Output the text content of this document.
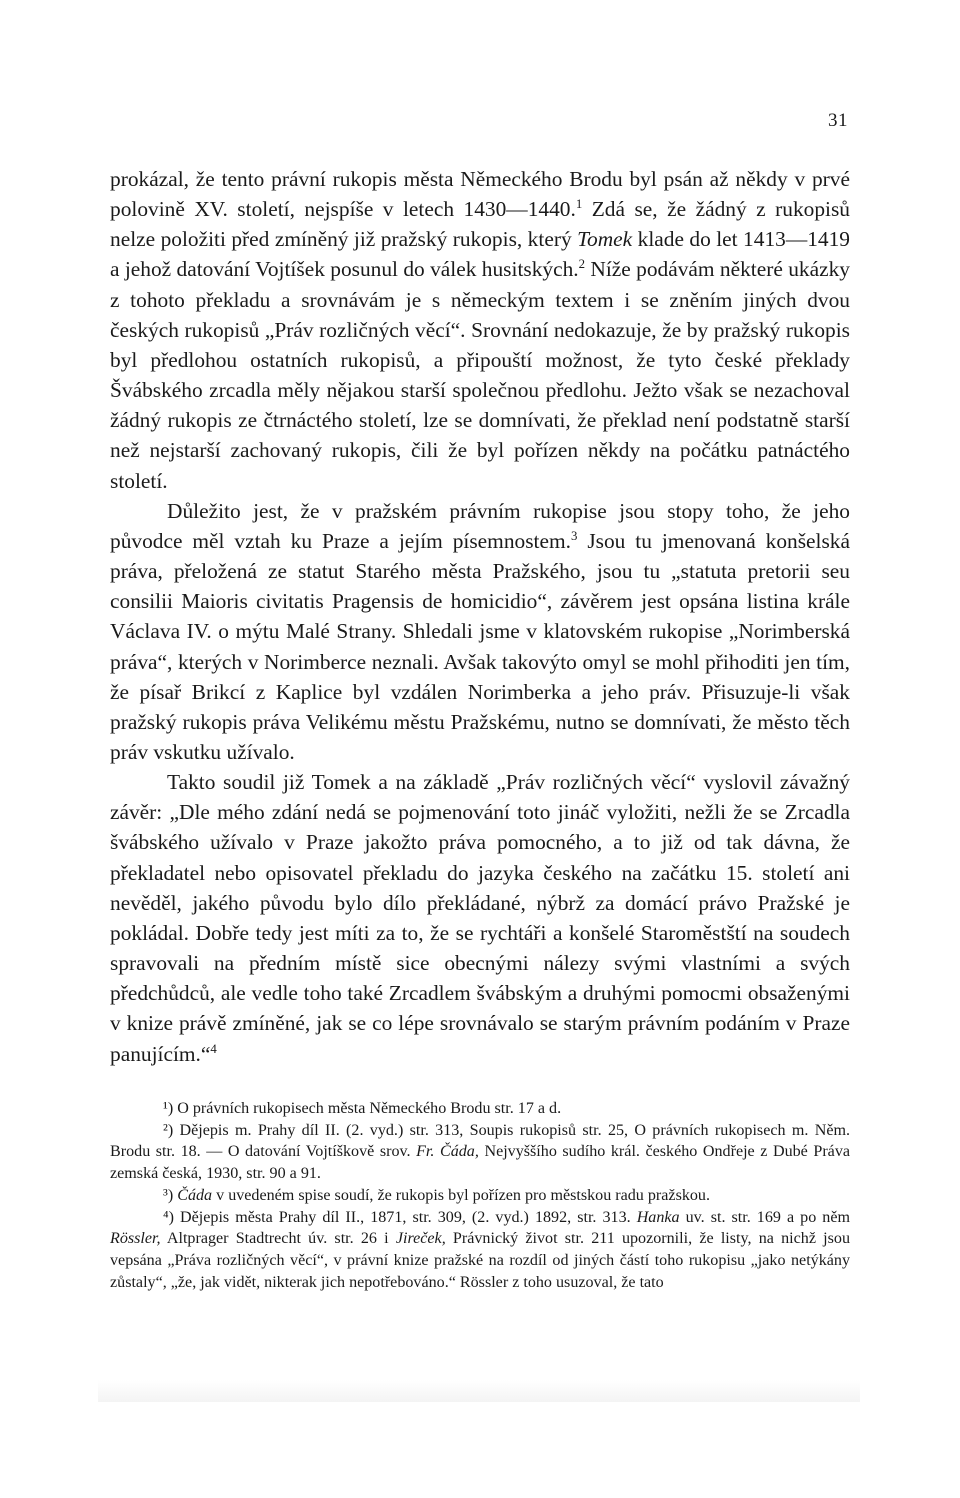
31

prokázal, že tento právní rukopis města Německého Brodu byl psán až někdy v prvé polovině XV. století, nejspíše v letech 1430—1440.$^1$ Zdá se, že žádný z rukopisů nelze položiti před zmíněný již pražský rukopis, který Tomek klade do let 1413—1419 a jehož datování Vojtíšek posunul do válek husitských.$^2$ Níže podávám některé ukázky z tohoto překladu a srovnávám je s německým textem i se zněním jiných dvou českých rukopisů „Práv rozličných věcí“. Srovnání nedokazuje, že by pražský rukopis byl předlohou ostatních rukopisů, a připouští možnost, že tyto české překlady Švábského zrcadla měly nějakou starší společnou předlohu. Ježto však se nezachoval žádný rukopis ze čtrnáctého století, lze se domnívati, že překlad není podstatně starší než nejstarší zachovaný rukopis, čili že byl pořízen někdy na počátku patnáctého století.

Důležito jest, že v pražském právním rukopise jsou stopy toho, že jeho původce měl vztah ku Praze a jejím písemnostem.$^3$ Jsou tu jmenovaná konšelská práva, přeložená ze statut Starého města Pražského, jsou tu „statuta pretorii seu consilii Maioris civitatis Pragensis de homicidio“, závěrem jest opsána listina krále Václava IV. o mýtu Malé Strany. Shledali jsme v klatovském rukopise „Norimberská práva“, kterých v Norimberce neznali. Avšak takovýto omyl se mohl přihoditi jen tím, že písař Brikcí z Kaplice byl vzdálen Norimberka a jeho práv. Přisuzuje-li však pražský rukopis práva Velikému městu Pražskému, nutno se domnívati, že město těch práv vskutku užívalo.

Takto soudil již Tomek a na základě „Práv rozličných věcí“ vyslovil závažný závěr: „Dle mého zdání nedá se pojmenování toto jináč vyložiti, nežli že se Zrcadla švábského užívalo v Praze jakožto práva pomocného, a to již od tak dávna, že překladatel nebo opisovatel překladu do jazyka českého na začátku 15. století ani nevěděl, jakého původu bylo dílo překládané, nýbrž za domácí právo Pražské je pokládal. Dobře tedy jest míti za to, že se rychtáři a konšelé Staroměstští na soudech spravovali na předním místě sice obecnými nálezy svými vlastními a svých předchůdců, ale vedle toho také Zrcadlem švábským a druhými pomocmi obsaženými v knize právě zmíněné, jak se co lépe srovnávalo se starým právním podáním v Praze panujícím.“$^4$

¹) O právních rukopisech města Německého Brodu str. 17 a d.

²) Dějepis m. Prahy díl II. (2. vyd.) str. 313, Soupis rukopisů str. 25, O právních rukopisech m. Něm. Brodu str. 18. — O datování Vojtíškově srov. Fr. Čáda, Nejvyššího sudího král. českého Ondřeje z Dubé Práva zemská česká, 1930, str. 90 a 91.

³) Čáda v uvedeném spise soudí, že rukopis byl pořízen pro městskou radu pražskou.

⁴) Dějepis města Prahy díl II., 1871, str. 309, (2. vyd.) 1892, str. 313. Hanka uv. st. str. 169 a po něm Rössler, Altprager Stadtrecht úv. str. 26 i Jireček, Právnický život str. 211 upozornili, že listy, na nichž jsou vepsána „Práva rozličných věcí“, v právní knize pražské na rozdíl od jiných částí toho rukopisu „jako netýkány zůstaly“, „že, jak vidět, nikterak jich nepotřebováno.“ Rössler z toho usuzoval, že tato
